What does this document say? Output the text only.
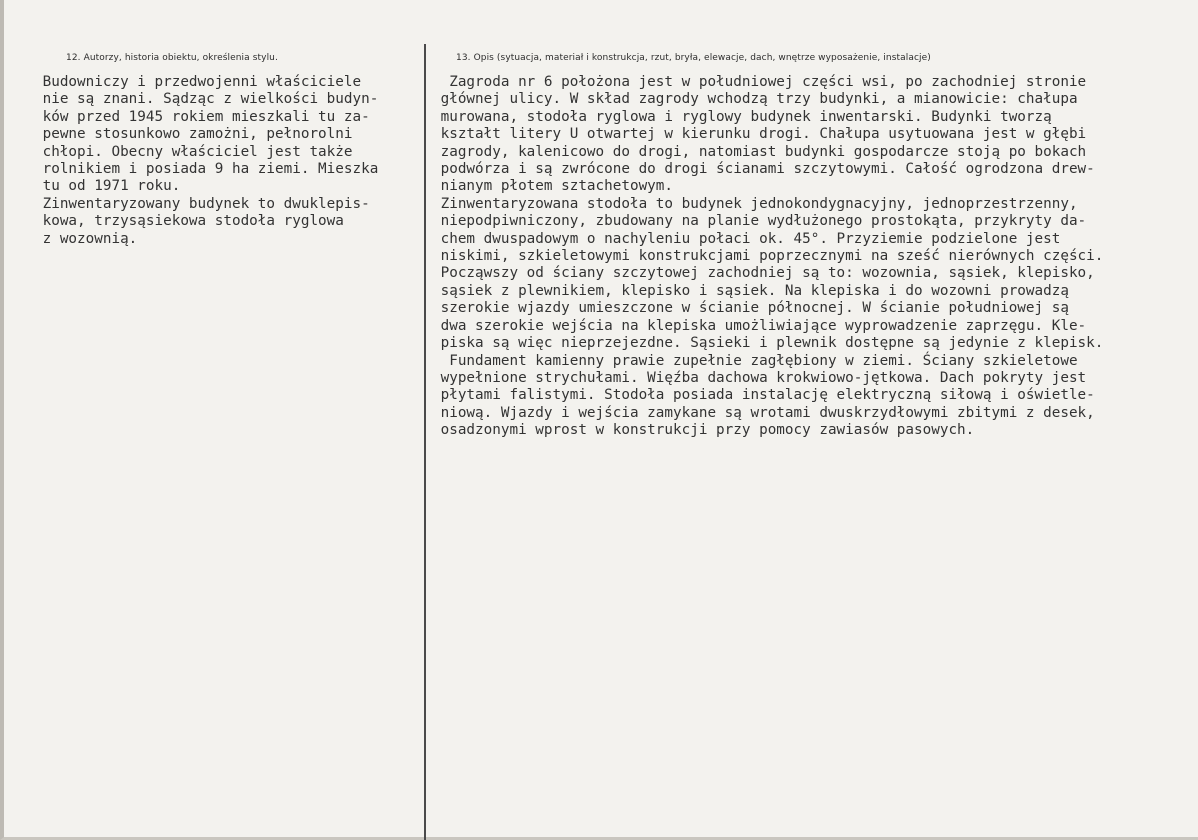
12. Autorzy, historia obiektu, określenia stylu.	13. Opis (sytuacja, materiał i konstrukcja, rzut, bryła, elewacje, dach, wnętrze wyposażenie, instalacje)
Budowniczy i przedwojenni właściciele
nie są znani. Sądząc z wielkości budyn-
ków przed 1945 rokiem mieszkali tu za-
pewne stosunkowo zamożni, pełnorolni
chłopi. Obecny właściciel jest także
rolnikiem i posiada 9 ha ziemi. Mieszka
tu od 1971 roku.
Zinwentaryzowany budynek to dwuklepis-
kowa, trzysąsiekowa stodoła ryglowa
z wozownią.
Zagroda nr 6 położona jest w południowej części wsi, po zachodniej stronie
głównej ulicy. W skład zagrody wchodzą trzy budynki, a mianowicie: chałupa
murowana, stodoła ryglowa i ryglowy budynek inwentarski. Budynki tworzą
kształt litery U otwartej w kierunku drogi. Chałupa usytuowana jest w głębi
zagrody, kalenicowo do drogi, natomiast budynki gospodarcze stoją po bokach
podwórza i są zwrócone do drogi ścianami szczytowymi. Całość ogrodzona drew-
nianym płotem sztachetowym.
Zinwentaryzowana stodoła to budynek jednokondygnacyjny, jednoprzestrzenny,
niepodpiwniczony, zbudowany na planie wydłużonego prostokąta, przykryty da-
chem dwuspadowym o nachyleniu połaci ok. 45°. Przyziemie podzielone jest
niskimi, szkieletowymi konstrukcjami poprzecznymi na sześć nierównych części.
Począwszy od ściany szczytowej zachodniej są to: wozownia, sąsiek, klepisko,
sąsiek z plewnikiem, klepisko i sąsiek. Na klepiska i do wozowni prowadzą
szerokie wjazdy umieszczone w ścianie północnej. W ścianie południowej są
dwa szerokie wejścia na klepiska umożliwiające wyprowadzenie zaprzęgu. Kle-
piska są więc nieprzejezdne. Sąsieki i plewnik dostępne są jedynie z klepisk.
Fundament kamienny prawie zupełnie zagłębiony w ziemi. Ściany szkieletowe
wypełnione strychułami. Więźba dachowa krokwiowo-jętkowa. Dach pokryty jest
płytami falistymi. Stodoła posiada instalację elektryczną siłową i oświetle-
niową. Wjazdy i wejścia zamykane są wrotami dwuskrzydłowymi zbitymi z desek,
osadzonymi wprost w konstrukcji przy pomocy zawiasów pasowych.
